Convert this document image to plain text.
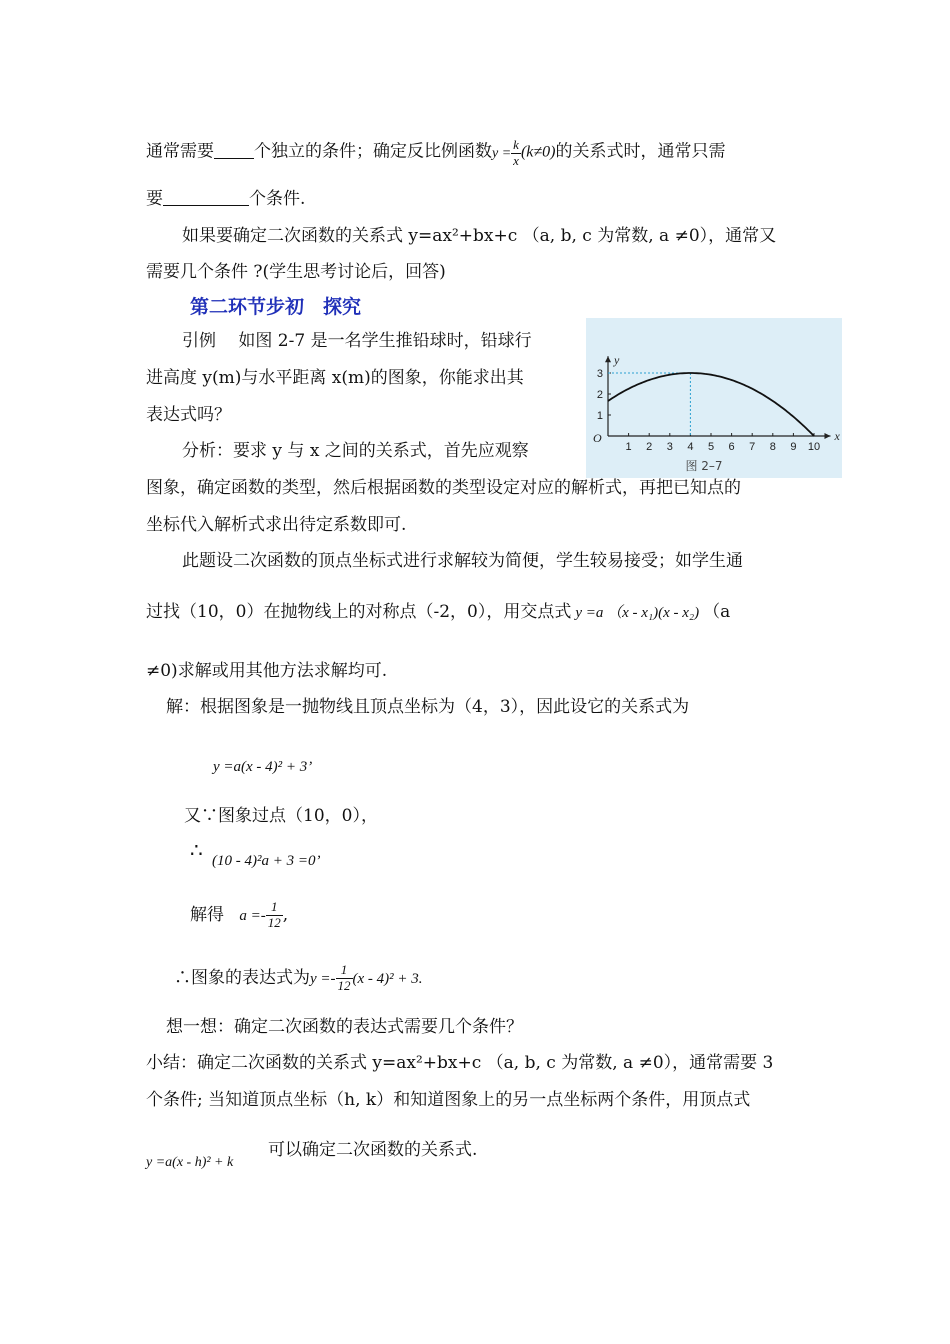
通常需要 个独立的条件；确定反比例函数$y = \frac{k}{x} (k\ne 0)$的关系式时，通常只需
要	个条件.
如果要确定二次函数的关系式 y=ax²+bx+c （a, b, c 为常数, a ≠0），通常又
需要几个条件 ?(学生思考讨论后，回答)
第二环节步初　探究
引例　 如图 2-7 是一名学生推铅球时，铅球行
进高度 y(m)与水平距离 x(m)的图象，你能求出其
表达式吗？
x
y
O
1 2 3 4 5 6 7 8 9 10
1
2
3
图 2–7
分析：要求 y 与 x 之间的关系式，首先应观察
图象，确定函数的类型，然后根据函数的类型设定对应的解析式，再把已知点的
坐标代入解析式求出待定系数即可.
此题设二次函数的顶点坐标式进行求解较为简便，学生较易接受；如学生通
过找（10，0）在抛物线上的对称点（-2，0），用交点式 y =a （x - x₁)(x - x₂) （a
≠0)求解或用其他方法求解均可.
解：根据图象是一抛物线且顶点坐标为（4，3），因此设它的关系式为
y =a(x - 4)² + 3’
又∵图象过点（10，0），
∴ (10 - 4)²a + 3 =0’
解得 $a =- \frac{1}{12}$ ,
∴图象的表达式为$y =- \frac{1}{12} (x - 4)^2 + 3$.
想一想：确定二次函数的表达式需要几个条件？
小结：确定二次函数的关系式 y=ax²+bx+c （a, b, c 为常数, a ≠0），通常需要 3
个条件; 当知道顶点坐标（h, k）和知道图象上的另一点坐标两个条件，用顶点式
y =a(x - h)² + k
可以确定二次函数的关系式.
